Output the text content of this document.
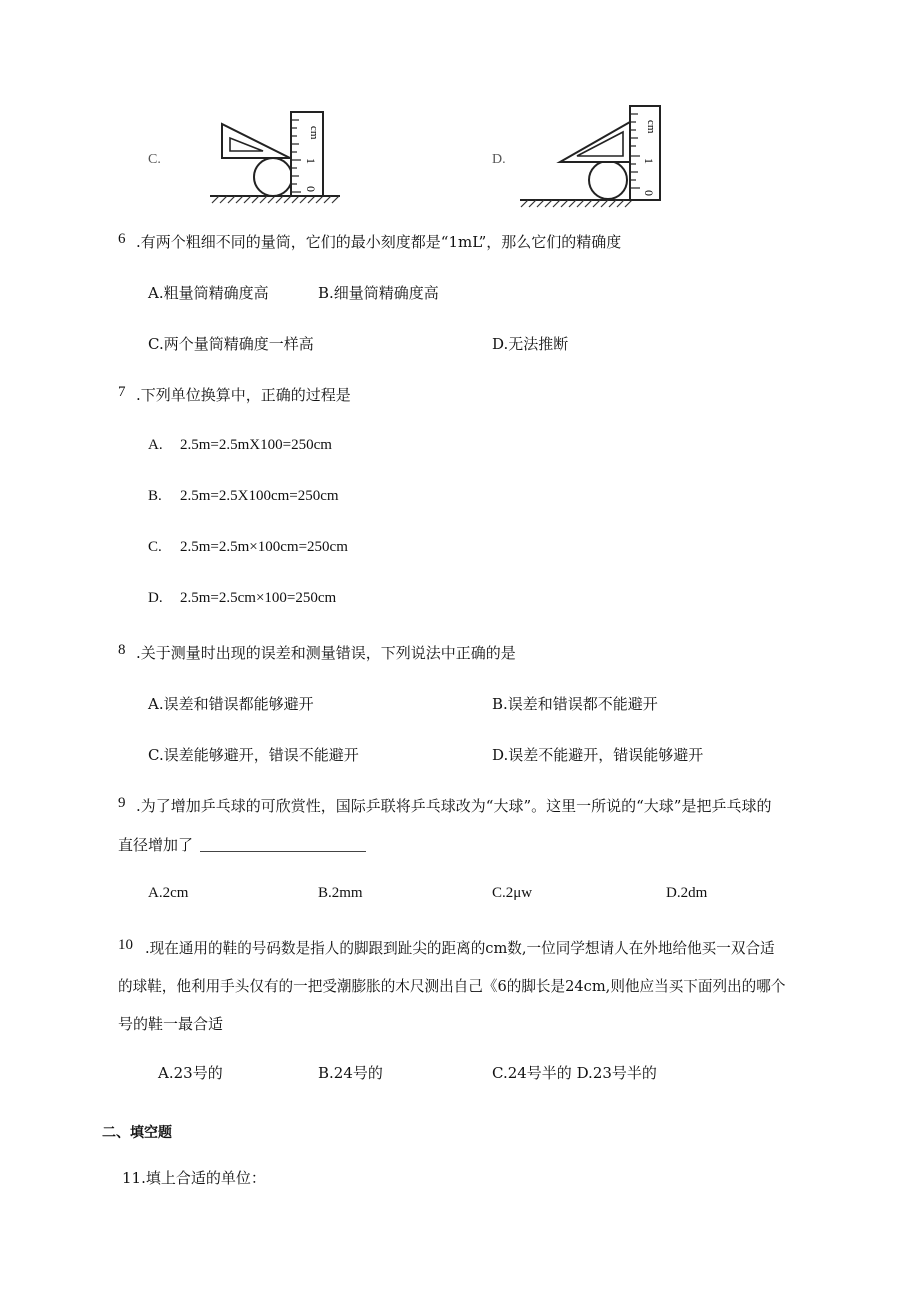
C.
cm
1
0
D.
cm
1
0
6 .有两个粗细不同的量筒，它们的最小刻度都是“1mL”，那么它们的精确度
A.粗量筒精确度高	B.细量筒精确度高
C.两个量筒精确度一样高	D.无法推断
7 .下列单位换算中，正确的过程是
A. 2.5m=2.5mX100=250cm
B. 2.5m=2.5X100cm=250cm
C. 2.5m=2.5m×100cm=250cm
D. 2.5m=2.5cm×100=250cm
8 .关于测量时出现的误差和测量错误，下列说法中正确的是
A.误差和错误都能够避开	B.误差和错误都不能避开
C.误差能够避开，错误不能避开	D.误差不能避开，错误能够避开
9 .为了增加乒乓球的可欣赏性，国际乒联将乒乓球改为“大球”。这里一所说的“大球”是把乒乓球的
直径增加了
A.2cm	B.2mm	C.2μw	D.2dm
10 .现在通用的鞋的号码数是指人的脚跟到趾尖的距离的cm数,一位同学想请人在外地给他买一双合适
的球鞋，他利用手头仅有的一把受潮膨胀的木尺测出自己《6的脚长是24cm,则他应当买下面列出的哪个
号的鞋一最合适
A.23号的	B.24号的	C.24号半的 D.23号半的
二、填空题
11.填上合适的单位：
